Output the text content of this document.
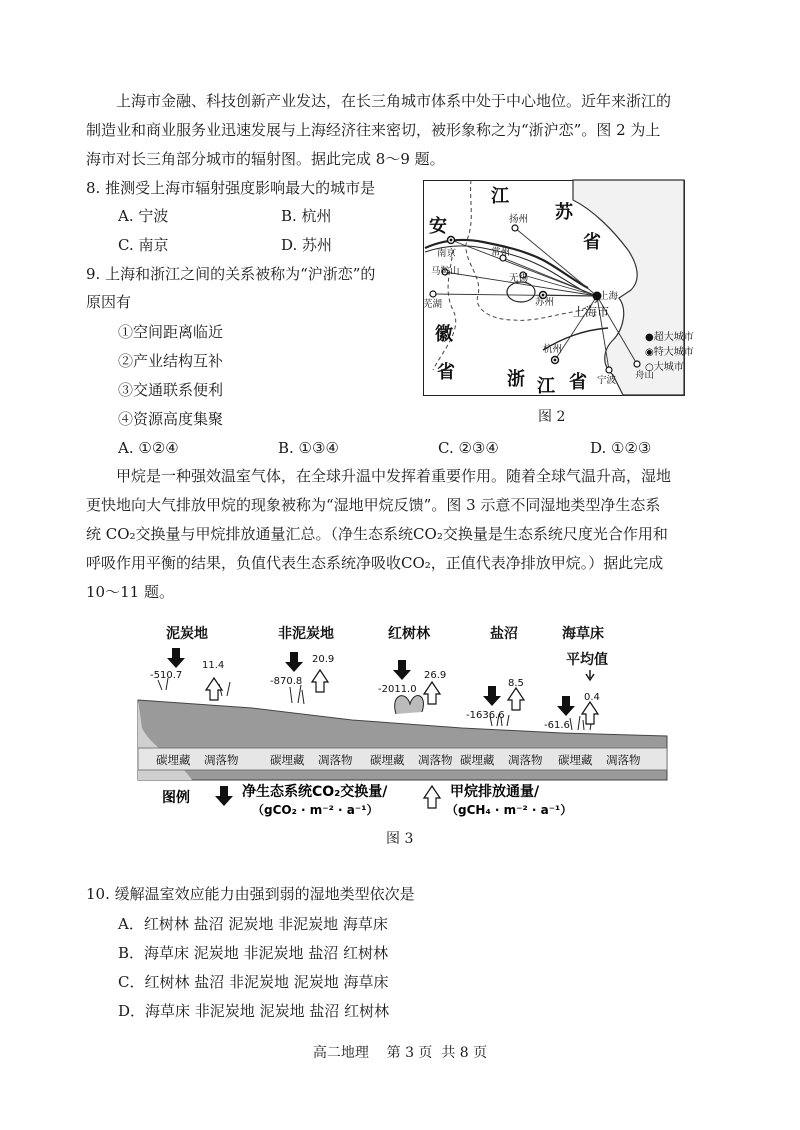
上海市金融、科技创新产业发达，在长三角城市体系中处于中心地位。近年来浙江的

制造业和商业服务业迅速发展与上海经济往来密切，被形象称之为“浙沪恋”。图 2 为上

海市对长三角部分城市的辐射图。据此完成 8～9 题。

8. 推测受上海市辐射强度影响最大的城市是

A. 宁波	B. 杭州

C. 南京	D. 苏州

9. 上海和浙江之间的关系被称为“沪浙恋”的

原因有

①空间距离临近

②产业结构互补

③交通联系便利

④资源高度集聚

A. ①②④	B. ①③④	C. ②③④	D. ①②③

江
苏
省
安
徽
省	浙 江 省
扬州
南京	常州
马鞍山
无锡
芜湖	苏州
上海
上海市
杭州
宁波 舟山
●超大城市
◉特大城市
○大城市
图 2

甲烷是一种强效温室气体，在全球升温中发挥着重要作用。随着全球气温升高，湿地

更快地向大气排放甲烷的现象被称为“湿地甲烷反馈”。图 3 示意不同湿地类型净生态系

统 CO₂交换量与甲烷排放通量汇总。（净生态系统CO₂交换量是生态系统尺度光合作用和

呼吸作用平衡的结果，负值代表生态系统净吸收CO₂，正值代表净排放甲烷。）据此完成

10～11 题。

泥炭地	非泥炭地	红树林	盐沼	海草床
平均值
-510.7
11.4
-870.8
20.9
-2011.0
26.9
-1636.6
8.5
-61.6
0.4
碳埋藏 凋落物	碳埋藏 凋落物 碳埋藏 凋落物 碳埋藏 凋落物 碳埋藏 凋落物
图例	净生态系统CO₂交换量/
（gCO₂ · m⁻² · a⁻¹）
甲烷排放通量/
（gCH₄ · m⁻² · a⁻¹）
图 3

10. 缓解温室效应能力由强到弱的湿地类型依次是

A．红树林 盐沼 泥炭地 非泥炭地 海草床

B．海草床 泥炭地 非泥炭地 盐沼 红树林

C．红树林 盐沼 非泥炭地 泥炭地 海草床

D．海草床 非泥炭地 泥炭地 盐沼 红树林

高二地理    第 3 页  共 8 页
